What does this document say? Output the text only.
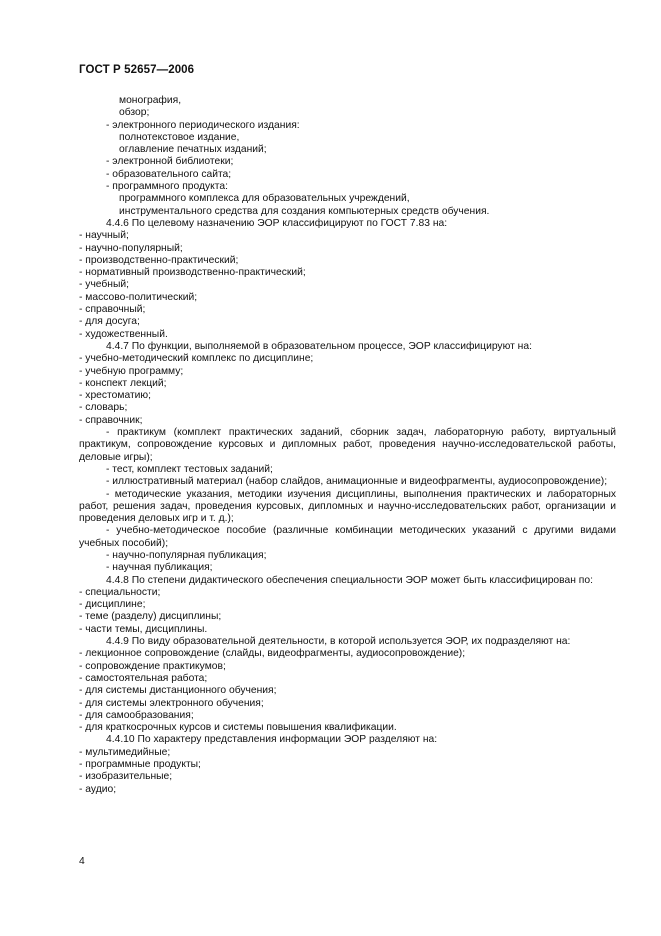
ГОСТ Р 52657—2006
монография,
обзор;
- электронного периодического издания:
полнотекстовое издание,
оглавление печатных изданий;
- электронной библиотеки;
- образовательного сайта;
- программного продукта:
программного комплекса для образовательных учреждений,
инструментального средства для создания компьютерных средств обучения.
4.4.6 По целевому назначению ЭОР классифицируют по ГОСТ 7.83 на:
- научный;
- научно-популярный;
- производственно-практический;
- нормативный производственно-практический;
- учебный;
- массово-политический;
- справочный;
- для досуга;
- художественный.
4.4.7 По функции, выполняемой в образовательном процессе, ЭОР классифицируют на:
- учебно-методический комплекс по дисциплине;
- учебную программу;
- конспект лекций;
- хрестоматию;
- словарь;
- справочник;
- практикум (комплект практических заданий, сборник задач, лабораторную работу, виртуальный практикум, сопровождение курсовых и дипломных работ, проведения научно-исследовательской работы, деловые игры);
- тест, комплект тестовых заданий;
- иллюстративный материал (набор слайдов, анимационные и видеофрагменты, аудиосопровождение);
- методические указания, методики изучения дисциплины, выполнения практических и лабораторных работ, решения задач, проведения курсовых, дипломных и научно-исследовательских работ, организации и проведения деловых игр и т. д.);
- учебно-методическое пособие (различные комбинации методических указаний с другими видами учебных пособий);
- научно-популярная публикация;
- научная публикация;
4.4.8 По степени дидактического обеспечения специальности ЭОР может быть классифицирован по:
- специальности;
- дисциплине;
- теме (разделу) дисциплины;
- части темы, дисциплины.
4.4.9 По виду образовательной деятельности, в которой используется ЭОР, их подразделяют на:
- лекционное сопровождение (слайды, видеофрагменты, аудиосопровождение);
- сопровождение практикумов;
- самостоятельная работа;
- для системы дистанционного обучения;
- для системы электронного обучения;
- для самообразования;
- для краткосрочных курсов и системы повышения квалификации.
4.4.10 По характеру представления информации ЭОР разделяют на:
- мультимедийные;
- программные продукты;
- изобразительные;
- аудио;
4
